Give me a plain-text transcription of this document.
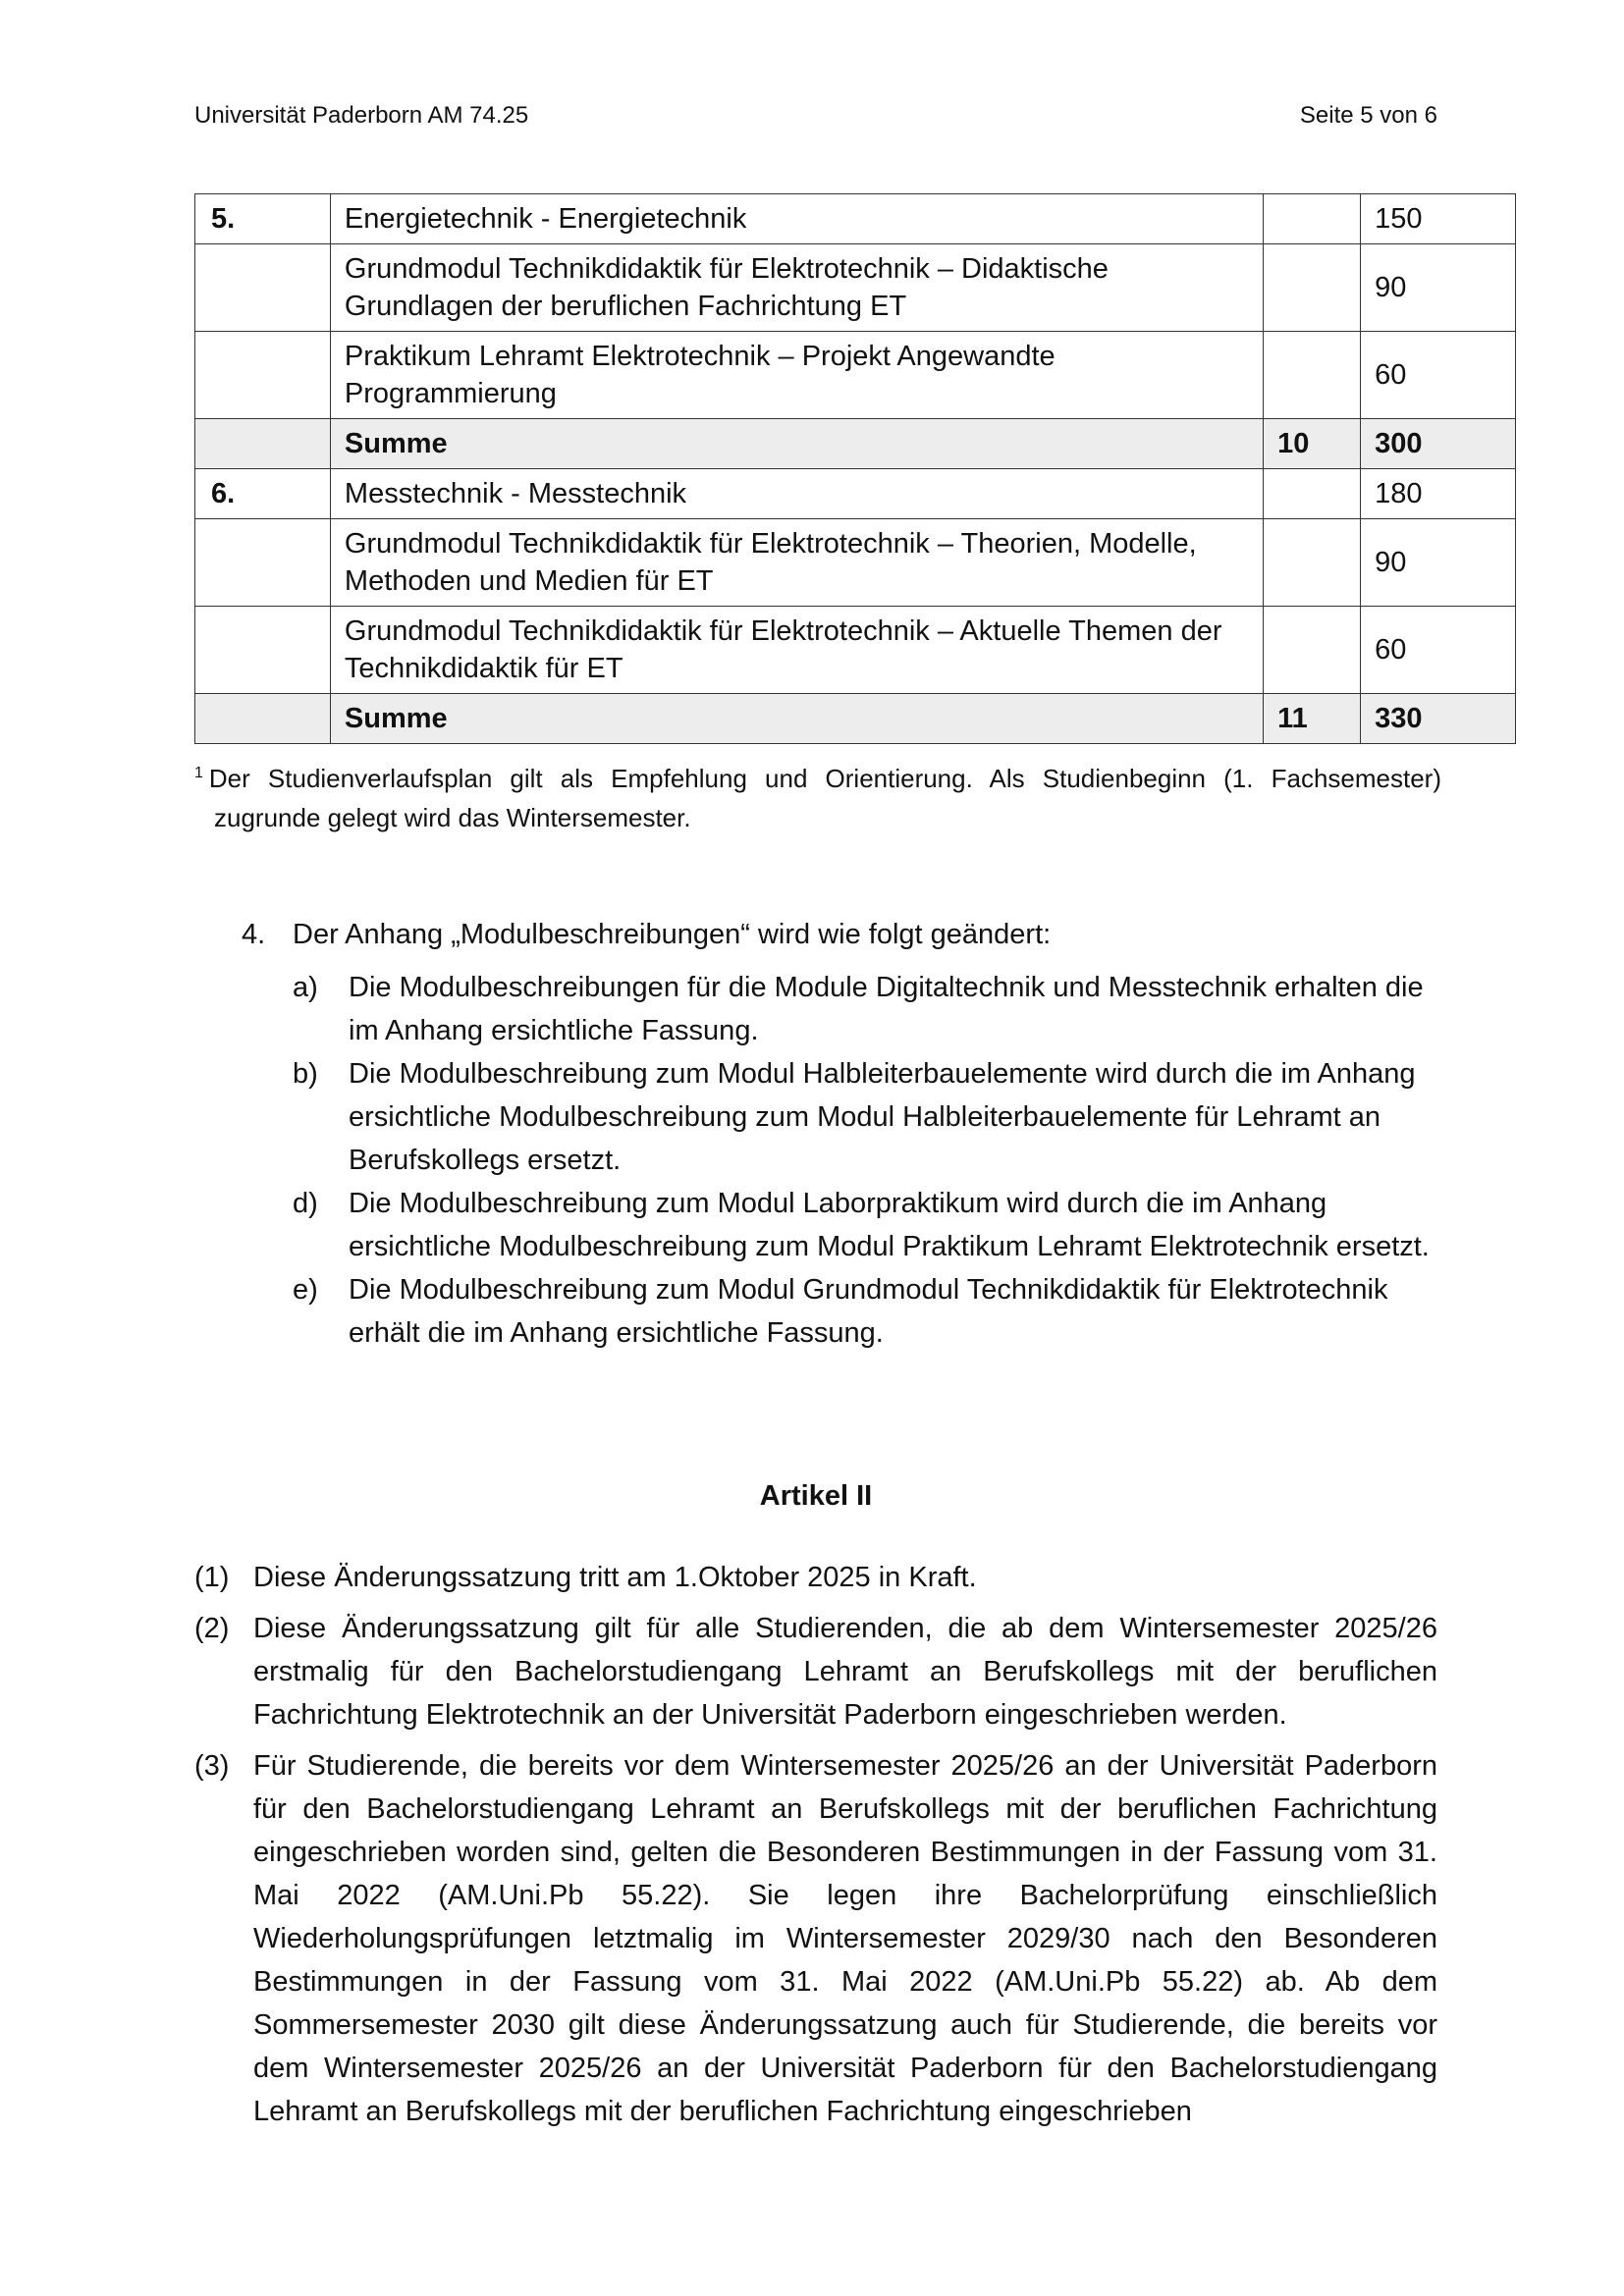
Universität Paderborn AM 74.25	Seite 5 von 6
5.	Energietechnik - Energietechnik		150
	Grundmodul Technikdidaktik für Elektrotechnik – Didaktische Grundlagen der beruflichen Fachrichtung ET		90
	Praktikum Lehramt Elektrotechnik – Projekt Angewandte Programmierung		60
	Summe	10	300
6.	Messtechnik - Messtechnik		180
	Grundmodul Technikdidaktik für Elektrotechnik – Theorien, Modelle, Methoden und Medien für ET		90
	Grundmodul Technikdidaktik für Elektrotechnik – Aktuelle Themen der Technikdidaktik für ET		60
	Summe	11	330
$^1$ Der Studienverlaufsplan gilt als Empfehlung und Orientierung. Als Studienbeginn (1. Fachsemester) zugrunde gelegt wird das Wintersemester.
4. Der Anhang „Modulbeschreibungen“ wird wie folgt geändert:
a)	Die Modulbeschreibungen für die Module Digitaltechnik und Messtechnik erhalten die im Anhang ersichtliche Fassung.
b)	Die Modulbeschreibung zum Modul Halbleiterbauelemente wird durch die im Anhang ersichtliche Modulbeschreibung zum Modul Halbleiterbauelemente für Lehramt an Berufskollegs ersetzt.
d)	Die Modulbeschreibung zum Modul Laborpraktikum wird durch die im Anhang ersichtliche Modulbeschreibung zum Modul Praktikum Lehramt Elektrotechnik ersetzt.
e)	Die Modulbeschreibung zum Modul Grundmodul Technikdidaktik für Elektrotechnik erhält die im Anhang ersichtliche Fassung.
Artikel II
(1) Diese Änderungssatzung tritt am 1.Oktober 2025 in Kraft.
(2) Diese Änderungssatzung gilt für alle Studierenden, die ab dem Wintersemester 2025/26 erstmalig für den Bachelorstudiengang Lehramt an Berufskollegs mit der beruflichen Fachrichtung Elektrotechnik an der Universität Paderborn eingeschrieben werden.
(3) Für Studierende, die bereits vor dem Wintersemester 2025/26 an der Universität Paderborn für den Bachelorstudiengang Lehramt an Berufskollegs mit der beruflichen Fachrichtung eingeschrieben worden sind, gelten die Besonderen Bestimmungen in der Fassung vom 31. Mai 2022 (AM.Uni.Pb 55.22). Sie legen ihre Bachelorprüfung einschließlich Wiederholungsprüfungen letztmalig im Wintersemester 2029/30 nach den Besonderen Bestimmungen in der Fassung vom 31. Mai 2022 (AM.Uni.Pb 55.22) ab. Ab dem Sommersemester 2030 gilt diese Änderungssatzung auch für Studierende, die bereits vor dem Wintersemester 2025/26 an der Universität Paderborn für den Bachelorstudiengang Lehramt an Berufskollegs mit der beruflichen Fachrichtung eingeschrieben
